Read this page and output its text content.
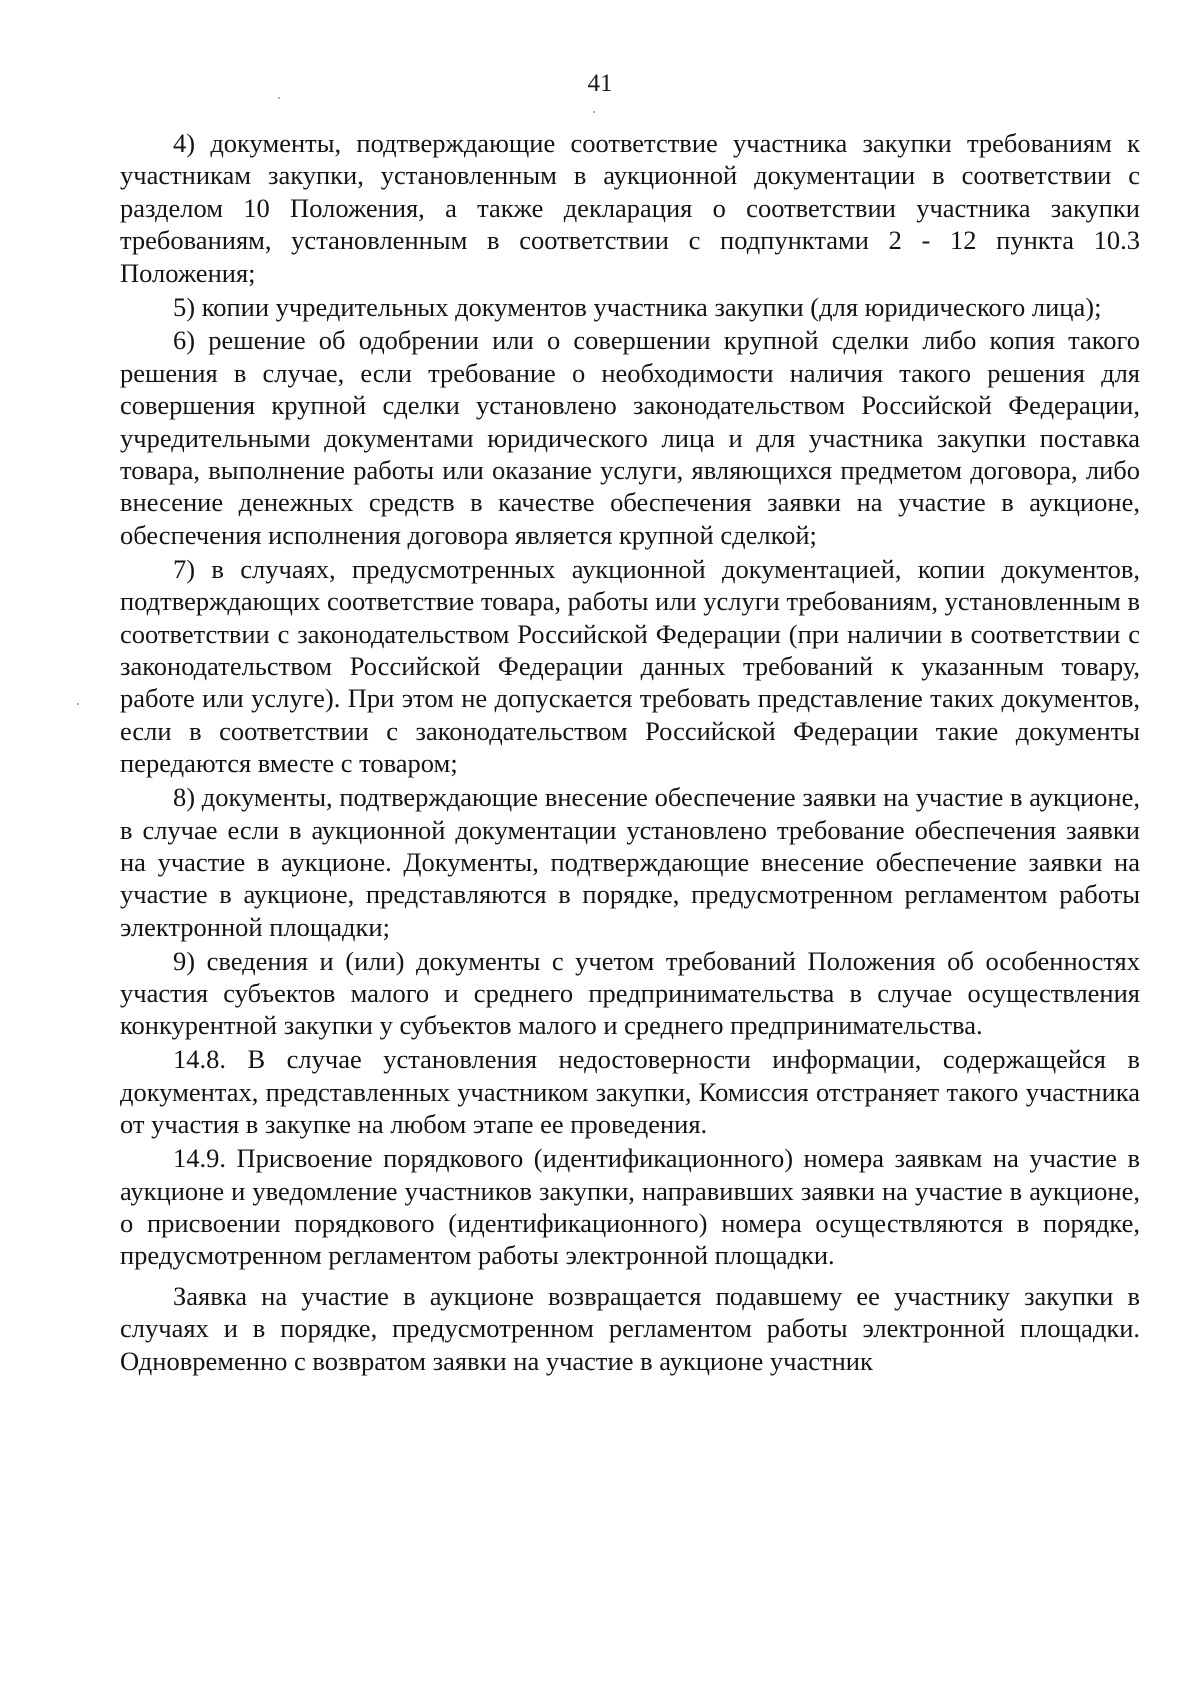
41

4) документы, подтверждающие соответствие участника закупки требованиям к участникам закупки, установленным в аукционной документации в соответствии с разделом 10 Положения, а также декларация о соответствии участника закупки требованиям, установленным в соответствии с подпунктами 2 - 12 пункта 10.3 Положения;

5) копии учредительных документов участника закупки (для юридического лица);

6) решение об одобрении или о совершении крупной сделки либо копия такого решения в случае, если требование о необходимости наличия такого решения для совершения крупной сделки установлено законодательством Российской Федерации, учредительными документами юридического лица и для участника закупки поставка товара, выполнение работы или оказание услуги, являющихся предметом договора, либо внесение денежных средств в качестве обеспечения заявки на участие в аукционе, обеспечения исполнения договора является крупной сделкой;

7) в случаях, предусмотренных аукционной документацией, копии документов, подтверждающих соответствие товара, работы или услуги требованиям, установленным в соответствии с законодательством Российской Федерации (при наличии в соответствии с законодательством Российской Федерации данных требований к указанным товару, работе или услуге). При этом не допускается требовать представление таких документов, если в соответствии с законодательством Российской Федерации такие документы передаются вместе с товаром;

8) документы, подтверждающие внесение обеспечение заявки на участие в аукционе, в случае если в аукционной документации установлено требование обеспечения заявки на участие в аукционе. Документы, подтверждающие внесение обеспечение заявки на участие в аукционе, представляются в порядке, предусмотренном регламентом работы электронной площадки;

9) сведения и (или) документы с учетом требований Положения об особенностях участия субъектов малого и среднего предпринимательства в случае осуществления конкурентной закупки у субъектов малого и среднего предпринимательства.

14.8. В случае установления недостоверности информации, содержащейся в документах, представленных участником закупки, Комиссия отстраняет такого участника от участия в закупке на любом этапе ее проведения.

14.9. Присвоение порядкового (идентификационного) номера заявкам на участие в аукционе и уведомление участников закупки, направивших заявки на участие в аукционе, о присвоении порядкового (идентификационного) номера осуществляются в порядке, предусмотренном регламентом работы электронной площадки.

Заявка на участие в аукционе возвращается подавшему ее участнику закупки в случаях и в порядке, предусмотренном регламентом работы электронной площадки. Одновременно с возвратом заявки на участие в аукционе участник
